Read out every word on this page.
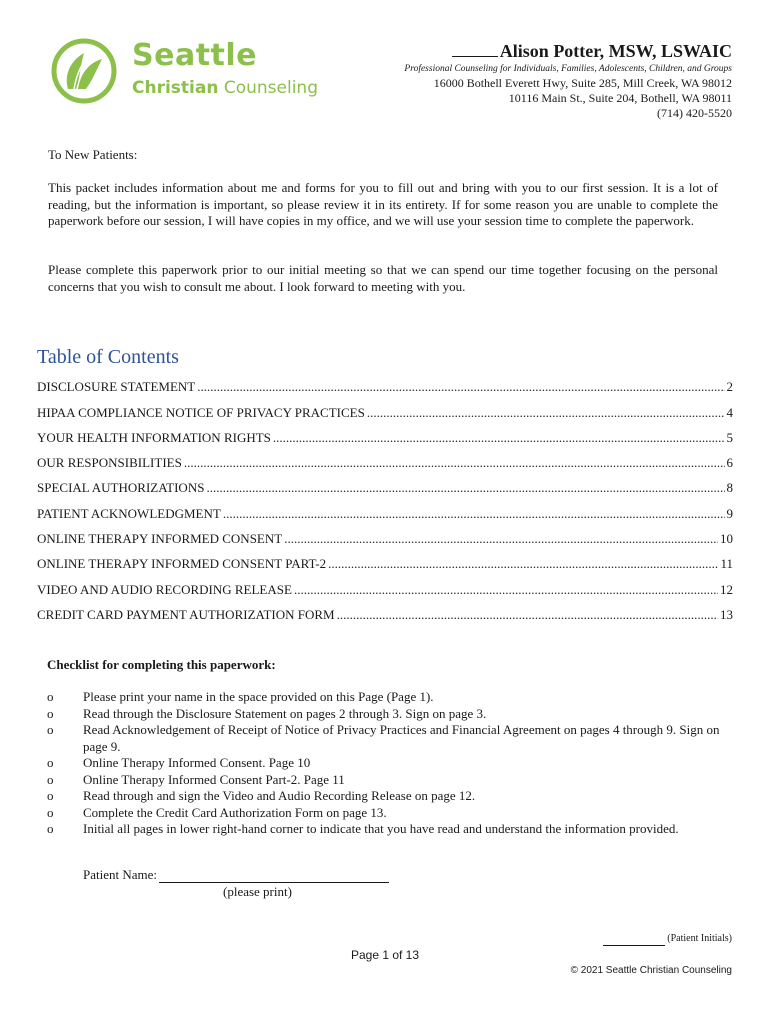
Seattle
Christian Counseling
Alison Potter, MSW, LSWAIC
Professional Counseling for Individuals, Families, Adolescents, Children, and Groups
16000 Bothell Everett Hwy, Suite 285, Mill Creek, WA 98012
10116 Main St., Suite 204, Bothell, WA 98011
(714) 420-5520
To New Patients:
This packet includes information about me and forms for you to fill out and bring with you to our first session. It is a lot of reading, but the information is important, so please review it in its entirety. If for some reason you are unable to complete the paperwork before our session, I will have copies in my office, and we will use your session time to complete the paperwork.
Please complete this paperwork prior to our initial meeting so that we can spend our time together focusing on the personal concerns that you wish to consult me about. I look forward to meeting with you.
Table of Contents
DISCLOSURE STATEMENT .....	2
HIPAA COMPLIANCE NOTICE OF PRIVACY PRACTICES .....	4
YOUR HEALTH INFORMATION RIGHTS .....	5
OUR RESPONSIBILITIES .....	6
SPECIAL AUTHORIZATIONS .....	8
PATIENT ACKNOWLEDGMENT .....	9
ONLINE THERAPY INFORMED CONSENT .....	10
ONLINE THERAPY INFORMED CONSENT PART-2 .....	11
VIDEO AND AUDIO RECORDING RELEASE .....	12
CREDIT CARD PAYMENT AUTHORIZATION FORM .....	13
Checklist for completing this paperwork:
o	Please print your name in the space provided on this Page (Page 1).
o	Read through the Disclosure Statement on pages 2 through 3. Sign on page 3.
o	Read Acknowledgement of Receipt of Notice of Privacy Practices and Financial Agreement on pages 4 through 9. Sign on page 9.
o	Online Therapy Informed Consent. Page 10
o	Online Therapy Informed Consent Part-2. Page 11
o	Read through and sign the Video and Audio Recording Release on page 12.
o	Complete the Credit Card Authorization Form on page 13.
o	Initial all pages in lower right-hand corner to indicate that you have read and understand the information provided.
Patient Name:
(please print)
(Patient Initials)
Page 1 of 13
© 2021 Seattle Christian Counseling
